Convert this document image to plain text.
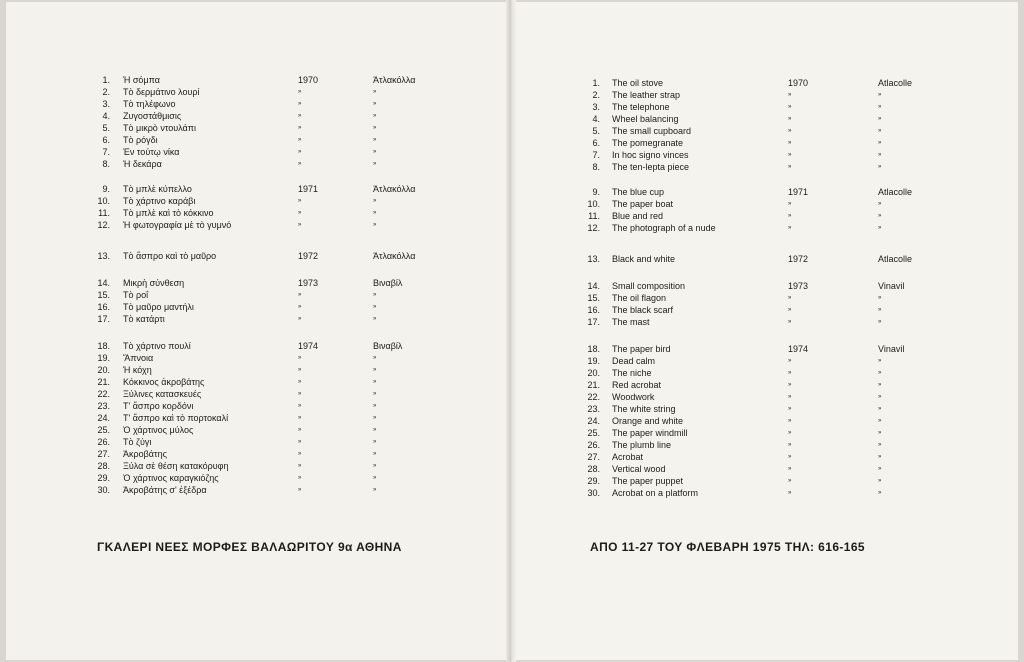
1. Ἡ σόμπα	1970	Ἀτλακόλλα
2. Τὸ δερμάτινο λουρί	»	»
3. Τὸ τηλέφωνο	»	»
4. Ζυγοστάθμισις	»	»
5. Τὸ μικρὸ ντουλάπι	»	»
6. Τὸ ρόγδι	»	»
7. Ἐν τούτῳ νίκα	»	»
8. Ἡ δεκάρα	»	»
9. Τὸ μπλὲ κύπελλο	1971	Ἀτλακόλλα
10. Τὸ χάρτινο καράβι	»	»
11. Τὸ μπλὲ καὶ τὸ κόκκινο	»	»
12. Ἡ φωτογραφία μὲ τὸ γυμνό	»	»
13. Τὸ ἄσπρο καὶ τὸ μαῦρο	1972	Ἀτλακόλλα
14. Μικρὴ σύνθεση	1973	Βιναβίλ
15. Τὸ ροΐ	»	»
16. Τὸ μαῦρο μαντήλι	»	»
17. Τὸ κατάρτι	»	»
18. Τὸ χάρτινο πουλί	1974	Βιναβίλ
19. Ἄπνοια	»	»
20. Ἡ κόχη	»	»
21. Κόκκινος ἀκροβάτης	»	»
22. Ξύλινες κατασκευές	»	»
23. Τ' ἄσπρο κορδόνι	»	»
24. Τ' ἄσπρο καὶ τὸ πορτοκαλί	»	»
25. Ὁ χάρτινος μύλος	»	»
26. Τὸ ζύγι	»	»
27. Ἀκροβάτης	»	»
28. Ξύλα σὲ θέση κατακόρυφη	»	»
29. Ὁ χάρτινος καραγκιόζης	»	»
30. Ἀκροβάτης σ' ἐξέδρα	»	»
1. The oil stove	1970	Atlacolle
2. The leather strap	»	»
3. The telephone	»	»
4. Wheel balancing	»	»
5. The small cupboard	»	»
6. The pomegranate	»	»
7. In hoc signo vinces	»	»
8. The ten-lepta piece	»	»
9. The blue cup	1971	Atlacolle
10. The paper boat	»	»
11. Blue and red	»	»
12. The photograph of a nude	»	»
13. Black and white	1972	Atlacolle
14. Small composition	1973	Vinavil
15. The oil flagon	»	»
16. The black scarf	»	»
17. The mast	»	»
18. The paper bird	1974	Vinavil
19. Dead calm	»	»
20. The niche	»	»
21. Red acrobat	»	»
22. Woodwork	»	»
23. The white string	»	»
24. Orange and white	»	»
25. The paper windmill	»	»
26. The plumb line	»	»
27. Acrobat	»	»
28. Vertical wood	»	»
29. The paper puppet	»	»
30. Acrobat on a platform	»	»
ΓΚΑΛΕΡΙ ΝΕΕΣ ΜΟΡΦΕΣ ΒΑΛΑΩΡΙΤΟΥ 9α ΑΘΗΝΑ	ΑΠΟ 11-27 ΤΟΥ ΦΛΕΒΑΡΗ 1975 ΤΗΛ: 616-165
